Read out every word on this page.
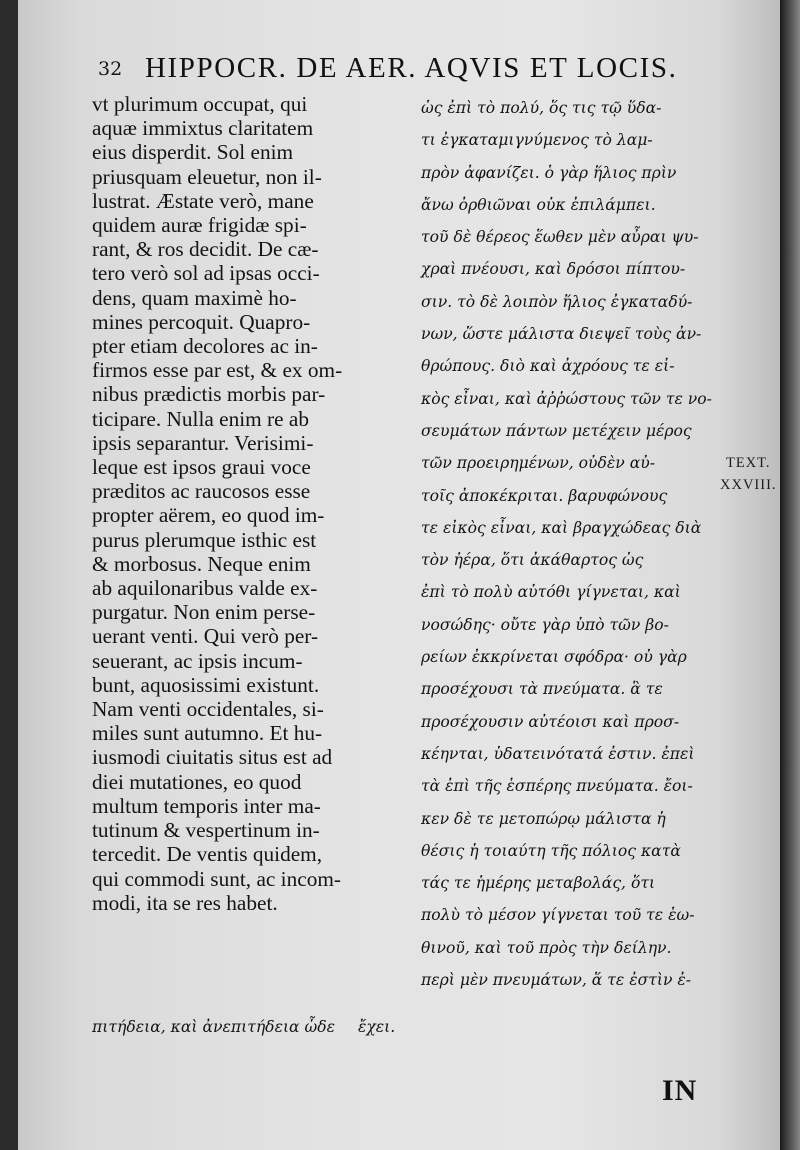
32 HIPPOCR. DE AER. AQVIS ET LOCIS.
vt plurimum occupat, qui
aquæ immixtus claritatem
eius disperdit. Sol enim
priusquam eleuetur, non il-
lustrat. Æstate verò, mane
quidem auræ frigidæ spi-
rant, & ros decidit. De cæ-
tero verò sol ad ipsas occi-
dens, quam maximè ho-
mines percoquit. Quapro-
pter etiam decolores ac in-
firmos esse par est, & ex om-
nibus prædictis morbis par-
ticipare. Nulla enim re ab
ipsis separantur. Verisimi-
leque est ipsos graui voce
præditos ac raucosos esse
propter aërem, eo quod im-
purus plerumque isthic est
& morbosus. Neque enim
ab aquilonaribus valde ex-
purgatur. Non enim perse-
uerant venti. Qui verò per-
seuerant, ac ipsis incum-
bunt, aquosissimi existunt.
Nam venti occidentales, si-
miles sunt autumno. Et hu-
iusmodi ciuitatis situs est ad
diei mutationes, eo quod
multum temporis inter ma-
tutinum & vespertinum in-
tercedit. De ventis quidem,
qui commodi sunt, ac incom-
modi, ita se res habet.
ὡς ἐπὶ τὸ πολύ, ὅς τις τῷ ὕδα-
τι ἐγκαταμιγνύμενος τὸ λαμ-
πρὸν ἀφανίζει. ὁ γὰρ ἥλιος πρὶν
ἄνω ὀρθιῶναι οὐκ ἐπιλάμπει.
τοῦ δὲ θέρεος ἕωθεν μὲν αὖραι ψυ-
χραὶ πνέουσι, καὶ δρόσοι πίπτου-
σιν. τὸ δὲ λοιπὸν ἥλιος ἐγκαταδύ-
νων, ὥστε μάλιστα διεψεῖ τοὺς ἀν-
θρώπους. διὸ καὶ ἀχρόους τε εἰ-
κὸς εἶναι, καὶ ἀῤῥώστους τῶν τε νο-
σευμάτων πάντων μετέχειν μέρος
τῶν προειρημένων, οὐδὲν αὐ-
τοῖς ἀποκέκριται. βαρυφώνους
τε εἰκὸς εἶναι, καὶ βραγχώδεας διὰ
τὸν ἠέρα, ὅτι ἀκάθαρτος ὡς
ἐπὶ τὸ πολὺ αὐτόθι γίγνεται, καὶ
νοσώδης· οὔτε γὰρ ὑπὸ τῶν βο-
ρείων ἐκκρίνεται σφόδρα· οὐ γὰρ
προσέχουσι τὰ πνεύματα. ἃ τε
προσέχουσιν αὐτέοισι καὶ προσ-
κέηνται, ὑδατεινότατά ἐστιν. ἐπεὶ
τὰ ἐπὶ τῆς ἑσπέρης πνεύματα. ἔοι-
κεν δὲ τε μετοπώρῳ μάλιστα ἡ
θέσις ἡ τοιαύτη τῆς πόλιος κατὰ
τάς τε ἡμέρης μεταβολάς, ὅτι
πολὺ τὸ μέσον γίγνεται τοῦ τε ἑω-
θινοῦ, καὶ τοῦ πρὸς τὴν δείλην.
περὶ μὲν πνευμάτων, ἅ τε ἐστὶν ἐ-
TEXT.
XXVIII.
πιτήδεια, καὶ ἀνεπιτήδεια ὧδε ἔχει.
IN
